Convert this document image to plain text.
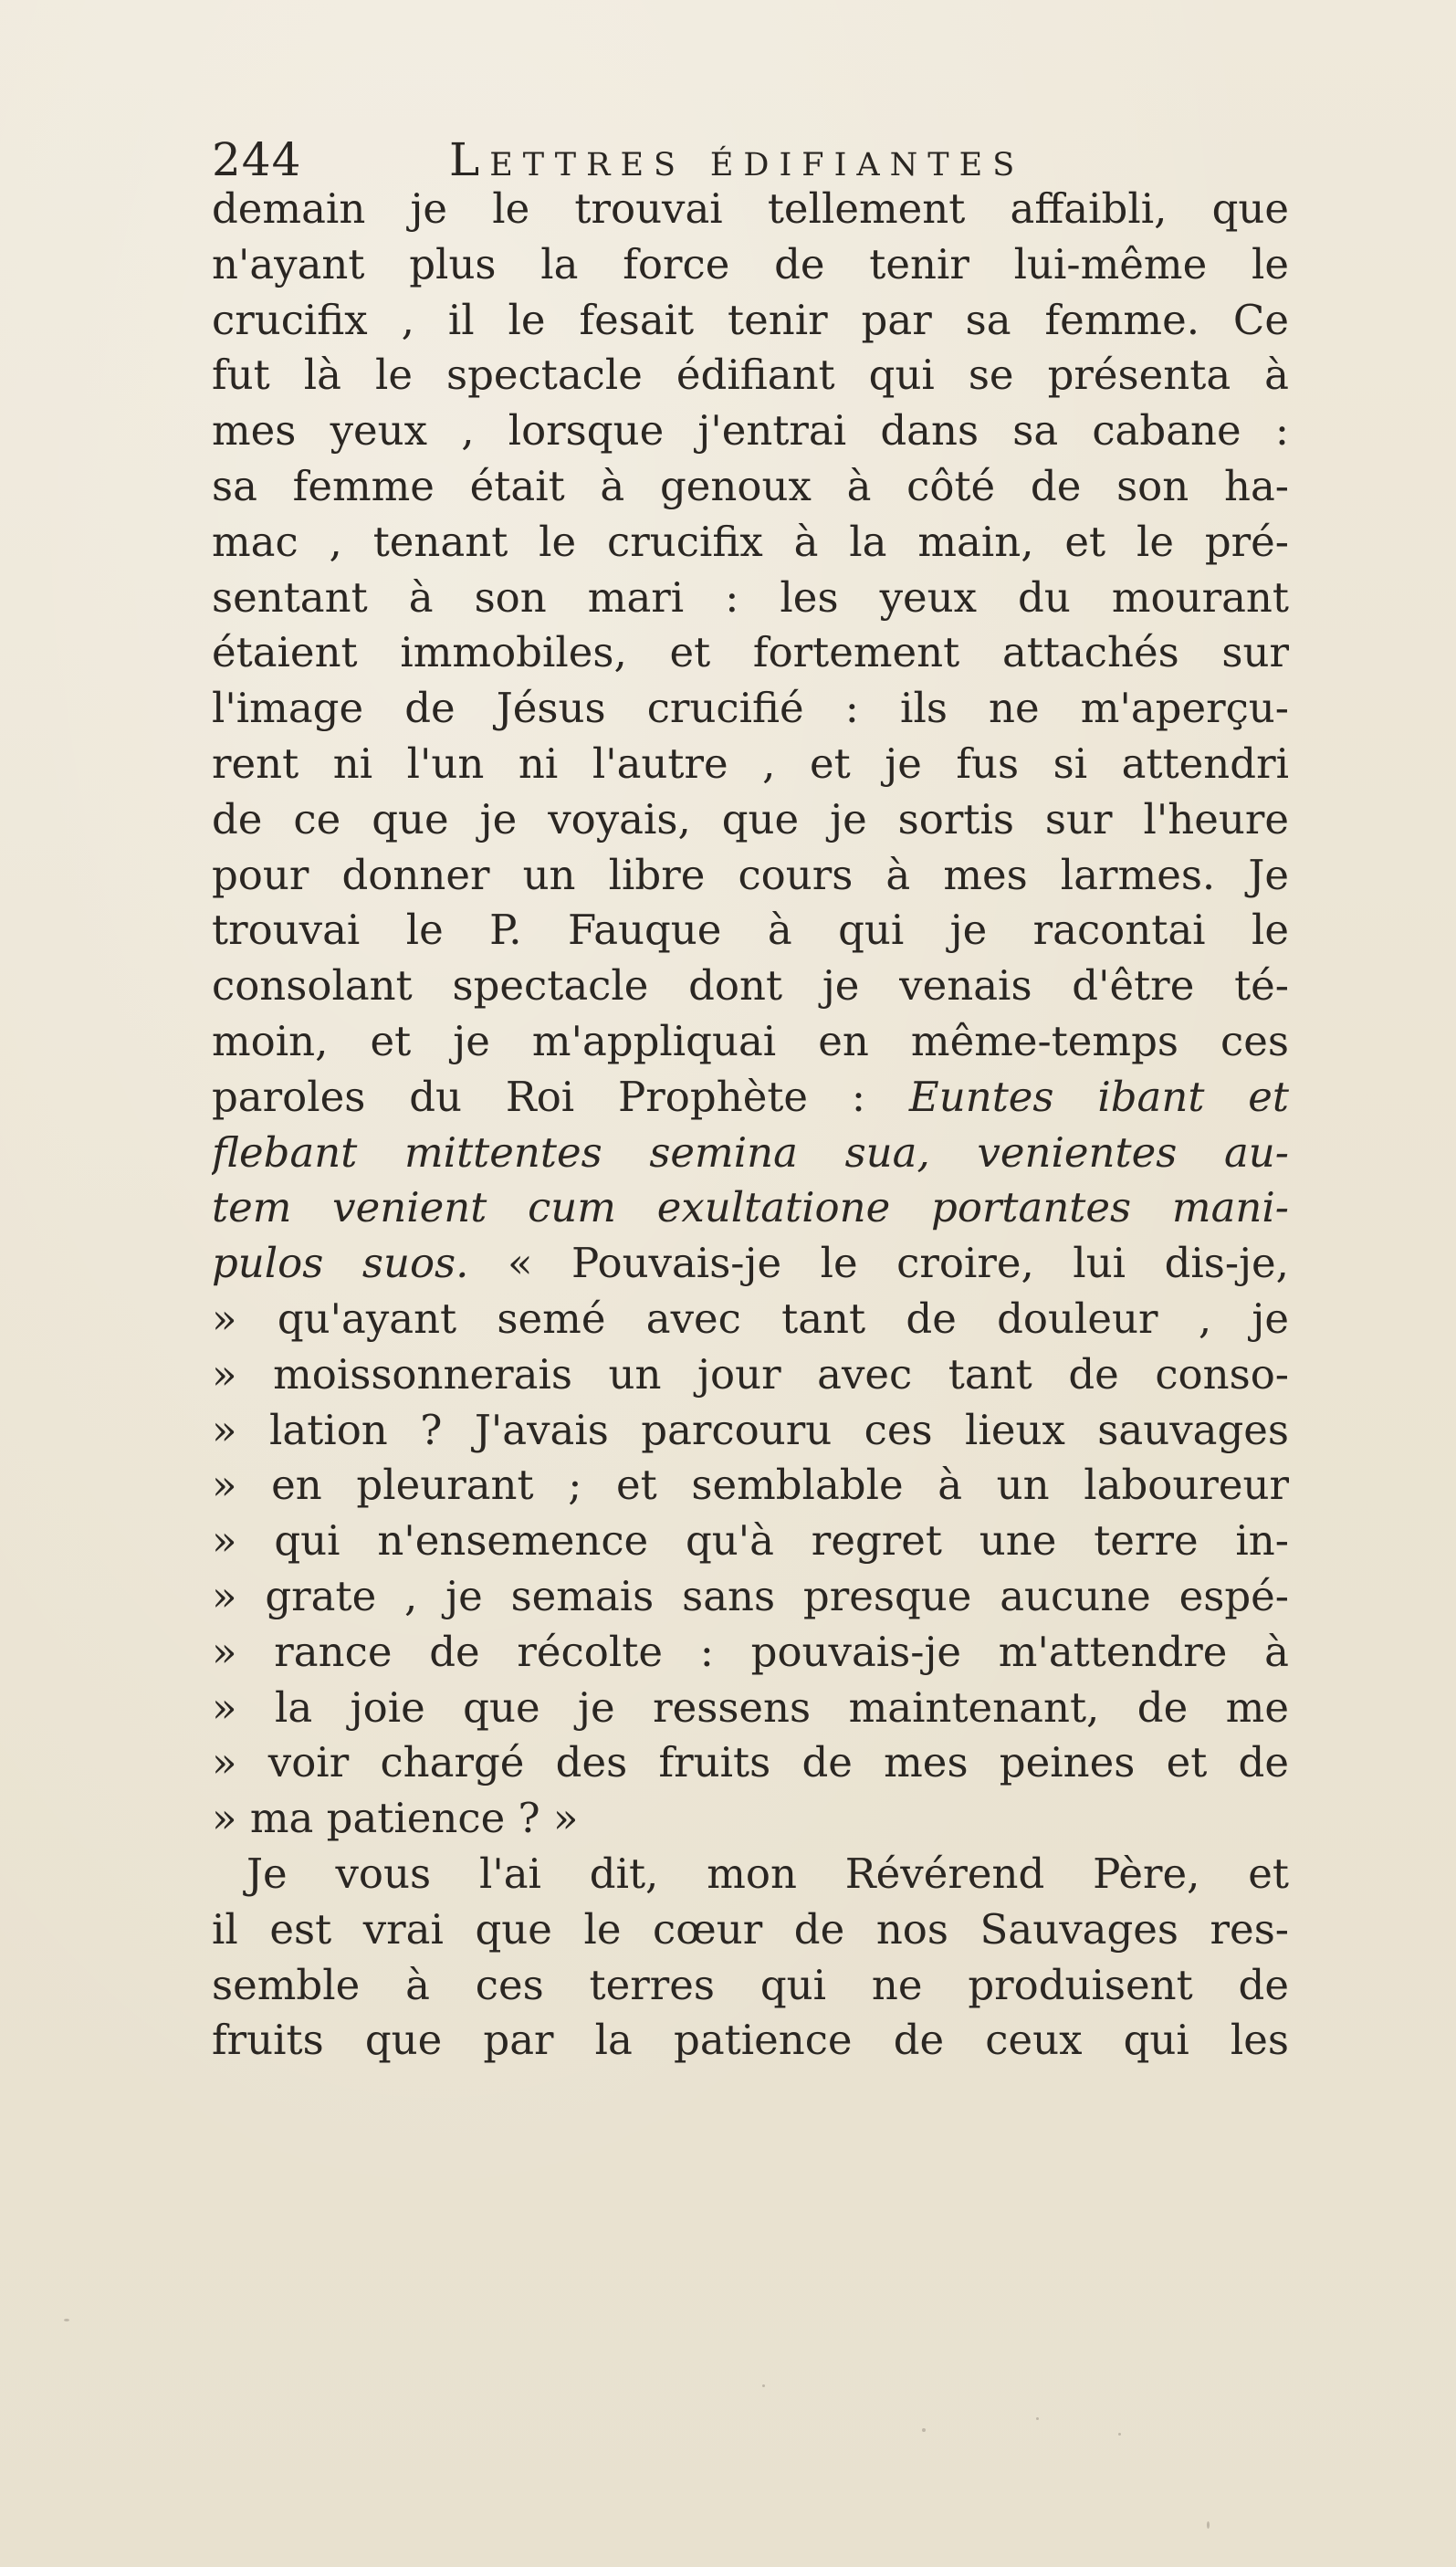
244	Lettres édifiantes
demain je le trouvai tellement affaibli, que
n'ayant plus la force de tenir lui-même le
crucifix , il le fesait tenir par sa femme. Ce
fut là le spectacle édifiant qui se présenta à
mes yeux , lorsque j'entrai dans sa cabane :
sa femme était à genoux à côté de son ha-
mac , tenant le crucifix à la main, et le pré-
sentant à son mari : les yeux du mourant
étaient immobiles, et fortement attachés sur
l'image de Jésus crucifié : ils ne m'aperçu-
rent ni l'un ni l'autre , et je fus si attendri
de ce que je voyais, que je sortis sur l'heure
pour donner un libre cours à mes larmes. Je
trouvai le P. Fauque à qui je racontai le
consolant spectacle dont je venais d'être té-
moin, et je m'appliquai en même-temps ces
paroles du Roi Prophète : Euntes ibant et
flebant mittentes semina sua, venientes au-
tem venient cum exultatione portantes mani-
pulos suos. « Pouvais-je le croire, lui dis-je,
» qu'ayant semé avec tant de douleur , je
» moissonnerais un jour avec tant de conso-
» lation ? J'avais parcouru ces lieux sauvages
» en pleurant ; et semblable à un laboureur
» qui n'ensemence qu'à regret une terre in-
» grate , je semais sans presque aucune espé-
» rance de récolte : pouvais-je m'attendre à
» la joie que je ressens maintenant, de me
» voir chargé des fruits de mes peines et de
» ma patience ? »
Je vous l'ai dit, mon Révérend Père, et
il est vrai que le cœur de nos Sauvages res-
semble à ces terres qui ne produisent de
fruits que par la patience de ceux qui les
